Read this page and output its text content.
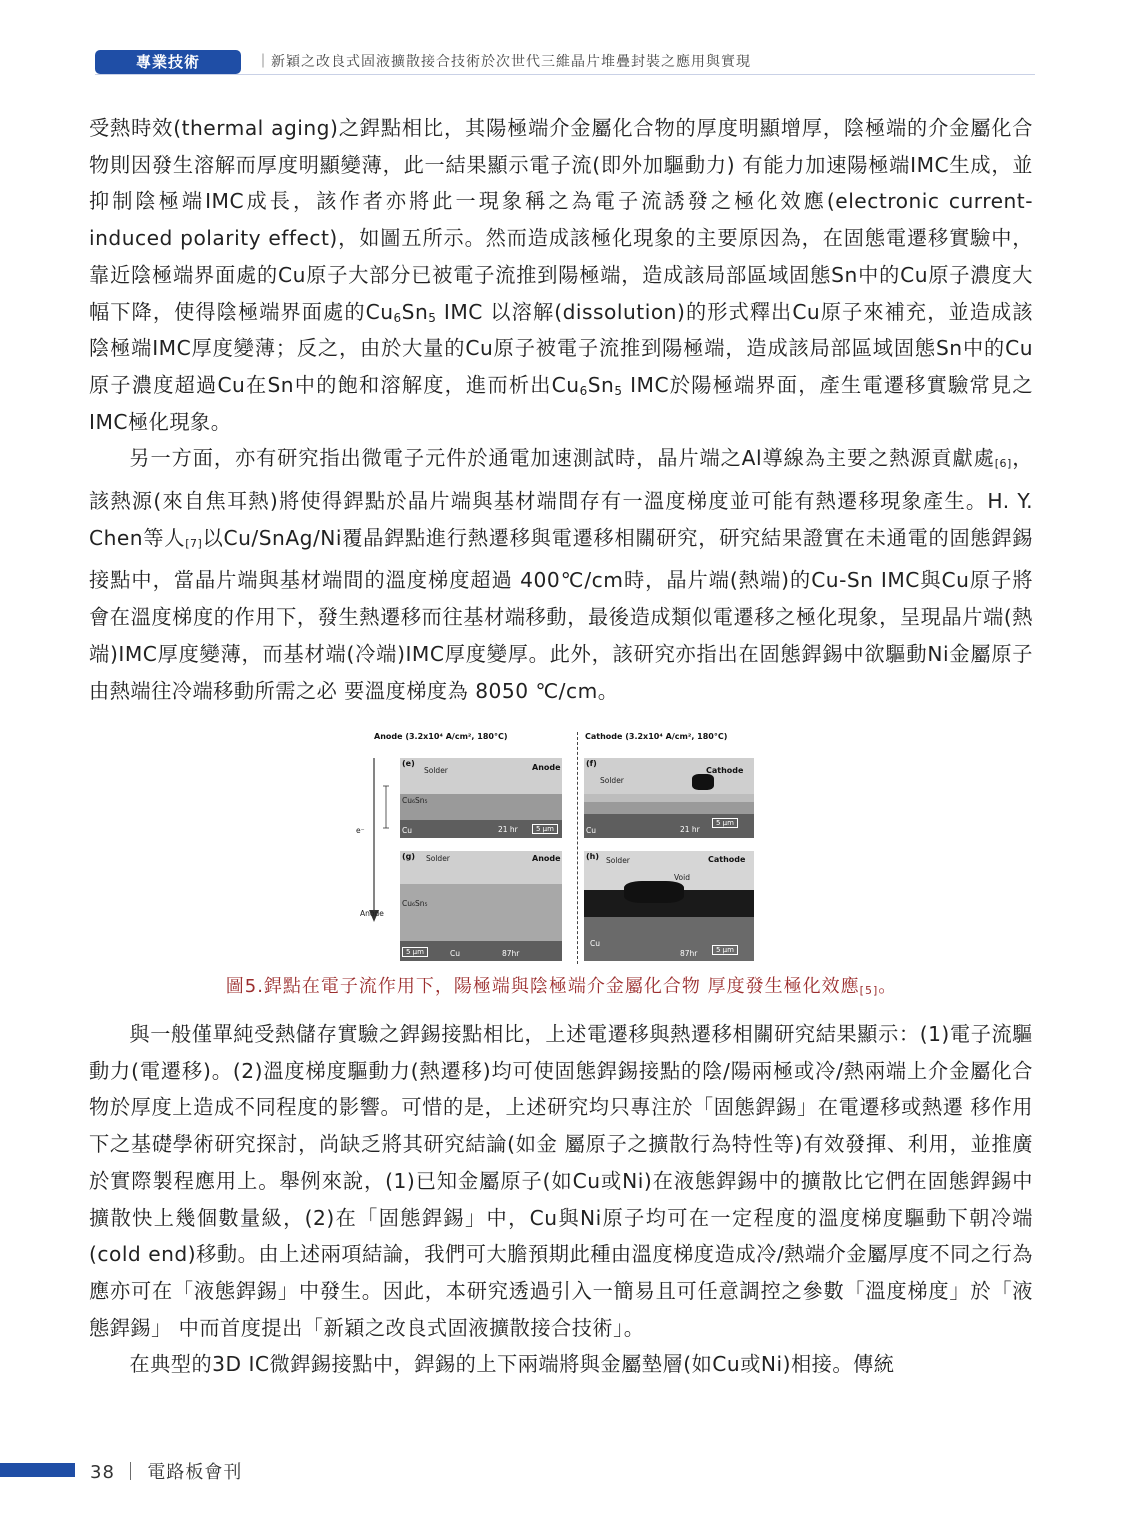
專業技術	｜新穎之改良式固液擴散接合技術於次世代三維晶片堆疊封裝之應用與實現

受熱時效(thermal aging)之銲點相比，其陽極端介金屬化合物的厚度明顯增厚，陰極端的介金屬化合物則因發生溶解而厚度明顯變薄，此一結果顯示電子流(即外加驅動力) 有能力加速陽極端IMC生成，並抑制陰極端IMC成長，該作者亦將此一現象稱之為電子流誘發之極化效應(electronic current-induced polarity effect)，如圖五所示。然而造成該極化現象的主要原因為，在固態電遷移實驗中，靠近陰極端界面處的Cu原子大部分已被電子流推到陽極端，造成該局部區域固態Sn中的Cu原子濃度大幅下降，使得陰極端界面處的$Cu_6Sn_5$ IMC 以溶解(dissolution)的形式釋出Cu原子來補充，並造成該陰極端IMC厚度變薄；反之，由於大量的Cu原子被電子流推到陽極端，造成該局部區域固態Sn中的Cu原子濃度超過Cu在Sn中的飽和溶解度，進而析出$Cu_6Sn_5$ IMC於陽極端界面，產生電遷移實驗常見之IMC極化現象。

另一方面，亦有研究指出微電子元件於通電加速測試時，晶片端之Al導線為主要之熱源貢獻處[6]，該熱源(來自焦耳熱)將使得銲點於晶片端與基材端間存有一溫度梯度並可能有熱遷移現象產生。H. Y. Chen等人[7]以Cu/SnAg/Ni覆晶銲點進行熱遷移與電遷移相關研究，研究結果證實在未通電的固態銲錫接點中，當晶片端與基材端間的溫度梯度超過 400℃/cm時，晶片端(熱端)的Cu-Sn IMC與Cu原子將會在溫度梯度的作用下，發生熱遷移而往基材端移動，最後造成類似電遷移之極化現象，呈現晶片端(熱端)IMC厚度變薄，而基材端(冷端)IMC厚度變厚。此外，該研究亦指出在固態銲錫中欲驅動Ni金屬原子由熱端往冷端移動所需之必 要溫度梯度為 8050 ℃/cm。

Anode (3.2x10⁴ A/cm², 180°C)	Cathode (3.2x10⁴ A/cm², 180°C)
e⁻
Anode
(e)
Solder	Anode
Cu₆Sn₅
Cu	21 hr	5 µm
(f)
Solder
Cathode
Cu	21 hr
5 µm
(g) Solder	Anode
Cu₆Sn₅
5 µm	Cu	87hr
(h) Solder	Cathode
Void
Cu
87hr	5 µm
圖5.銲點在電子流作用下，陽極端與陰極端介金屬化合物 厚度發生極化效應[5]。

與一般僅單純受熱儲存實驗之銲錫接點相比，上述電遷移與熱遷移相關研究結果顯示：(1)電子流驅動力(電遷移)。(2)溫度梯度驅動力(熱遷移)均可使固態銲錫接點的陰/陽兩極或冷/熱兩端上介金屬化合物於厚度上造成不同程度的影響。可惜的是，上述研究均只專注於「固態銲錫」在電遷移或熱遷 移作用下之基礎學術研究探討，尚缺乏將其研究結論(如金 屬原子之擴散行為特性等)有效發揮、利用，並推廣於實際製程應用上。舉例來說，(1)已知金屬原子(如Cu或Ni)在液態銲錫中的擴散比它們在固態銲錫中擴散快上幾個數量級，(2)在「固態銲錫」中，Cu與Ni原子均可在一定程度的溫度梯度驅動下朝冷端(cold end)移動。由上述兩項結論，我們可大膽預期此種由溫度梯度造成冷/熱端介金屬厚度不同之行為應亦可在「液態銲錫」中發生。因此，本研究透過引入一簡易且可任意調控之參數「溫度梯度」於「液態銲錫」 中而首度提出「新穎之改良式固液擴散接合技術」。

在典型的3D IC微銲錫接點中，銲錫的上下兩端將與金屬墊層(如Cu或Ni)相接。傳統

38 ｜ 電路板會刊
